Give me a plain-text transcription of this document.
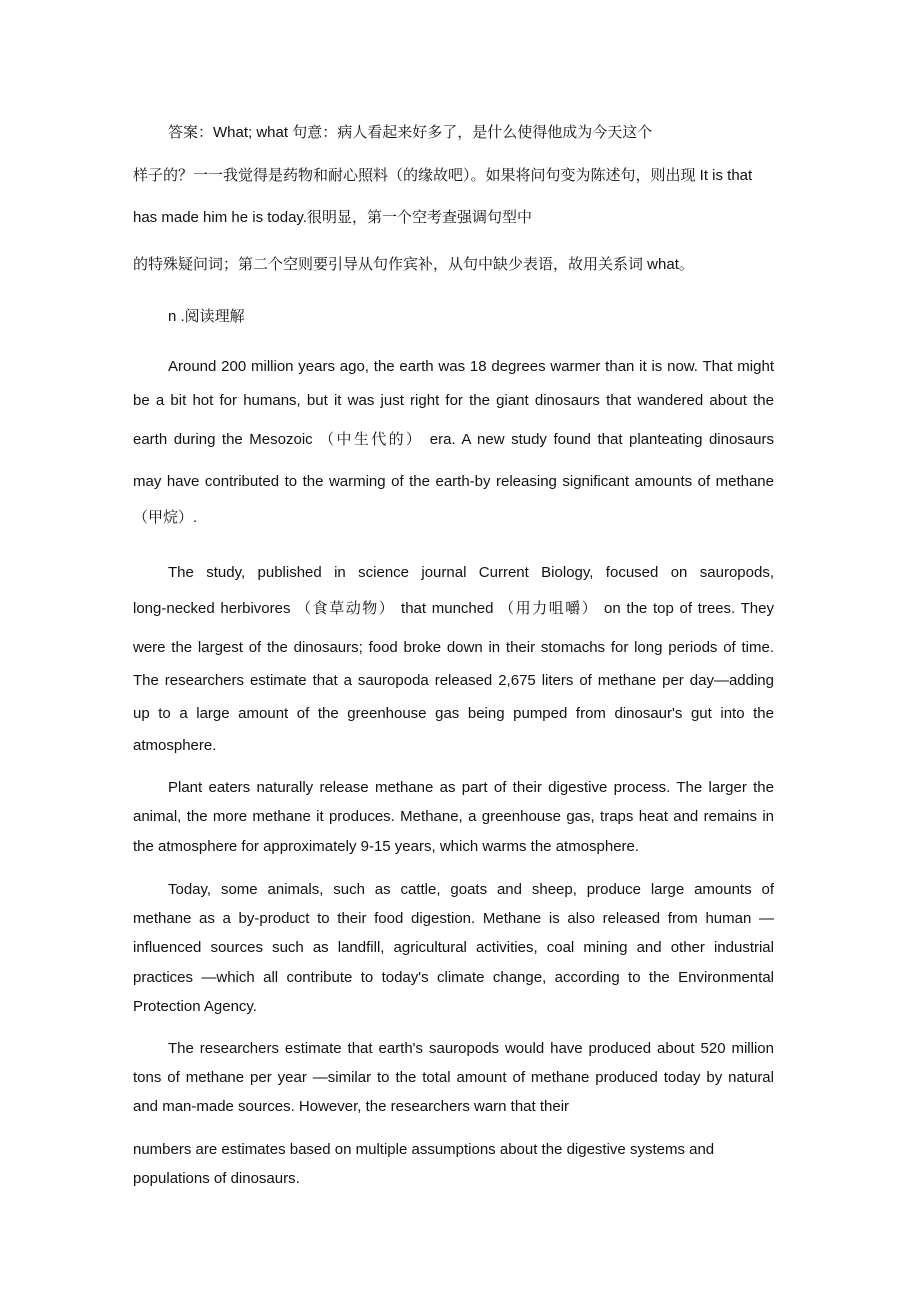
答案：What; what 句意：病人看起来好多了，是什么使得他成为今天这个
样子的？一一我觉得是药物和耐心照料（的缘故吧）。如果将问句变为陈述句，则出现 It is that
has made him he is today.很明显，第一个空考查强调句型中
的特殊疑问词；第二个空则要引导从句作宾补，从句中缺少表语，故用关系词 what。
n .阅读理解
Around 200 million years ago, the earth was 18 degrees warmer than it is now. That might
be a bit hot for humans, but it was just right for the giant dinosaurs that wandered about the
earth during the Mesozoic （中生代的） era. A new study found that planteating dinosaurs
may have contributed to the warming of the earth-by releasing significant amounts of methane
（甲烷）.
The study, published in science journal Current Biology, focused on sauropods,
long-necked herbivores （食草动物） that munched （用力咀嚼） on the top of trees. They
were the largest of the dinosaurs; food broke down in their stomachs for long periods of time.
The researchers estimate that a sauropoda released 2,675 liters of methane per day—adding
up to a large amount of the greenhouse gas being pumped from dinosaur's gut into the
atmosphere.
Plant eaters naturally release methane as part of their digestive process. The larger the
animal, the more methane it produces. Methane, a greenhouse gas, traps heat and remains in
the atmosphere for approximately 9-15 years, which warms the atmosphere.
Today, some animals, such as cattle, goats and sheep, produce large amounts of
methane as a by-product to their food digestion. Methane is also released from human —
influenced sources such as landfill, agricultural activities, coal mining and other industrial
practices —which all contribute to today's climate change, according to the Environmental
Protection Agency.
The researchers estimate that earth's sauropods would have produced about 520 million
tons of methane per year —similar to the total amount of methane produced today by natural
and man-made sources. However, the researchers warn that their
numbers are estimates based on multiple assumptions about the digestive systems and
populations of dinosaurs.
